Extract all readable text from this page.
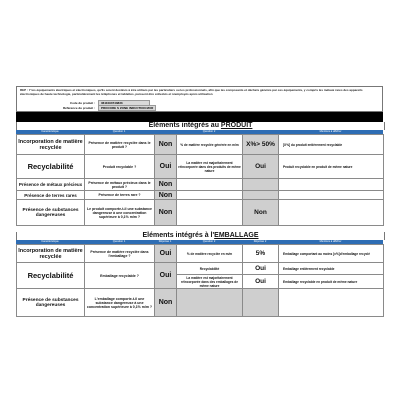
REP : Y les équipements électriques et électroniques, qu'ils soient destinés à être utilisés par les particuliers ou les professionnels, afin que les composants et déchets générés par ces équipements, y compris les métaux rares des appareils électroniques de haute technologie, particulièrement les téléphones et tablettes, puissent être collectés et réemployés après utilisation
Code du produit : 3611093743833
Référence du produit : PROCORE S ZONE INDUCTION MUR
Eléments intégrés au PRODUIT
Caractéristique	Question 1	Question 2	Mentions à afficher
Incorporation de matière recyclée	Présence de matière recyclée dans le produit ?	Non	% de matière recyclée générée en m/m	X%> 50%	[X%] du produit entièrement recyclable
Recyclabilité	Produit recyclable ?	Oui	La matière est majoritairement réincorporée dans des produits de même nature	Oui	Produit recyclable en produit de même nature
Présence de métaux précieux	Présence de métaux précieux dans le produit ?	Non			
Présence de terres rares	Présence de terres rare ?	Non			
Présence de substances dangereuses	Le produit comporte-t-il une substance dangereuse à une concentration supérieure à 0,1% m/m ?	Non		Non	
Eléments intégrés à l'EMBALLAGE
Caractéristique	Question 1	Réponse 1	Question 2	Réponse 2	Mentions à afficher
Incorporation de matière recyclée	Présence de matière recyclée dans l'emballage ?	Oui	% de matière recyclée en m/m	5%	Emballage comportant au moins [x%]d'emballage recyclé
Recyclabilité	Emballage recyclable ?	Oui	Recyclabilité	Oui	Emballage entièrement recyclable
			La matière est majoritairement réincorporée dans des emballages de même nature	Oui	Emballage recyclable en produit de même nature
Présence de substances dangereuses	L'emballage comporte-t-il une substance dangereuse à une concentration supérieure à 0,1% m/m ?	Non			
